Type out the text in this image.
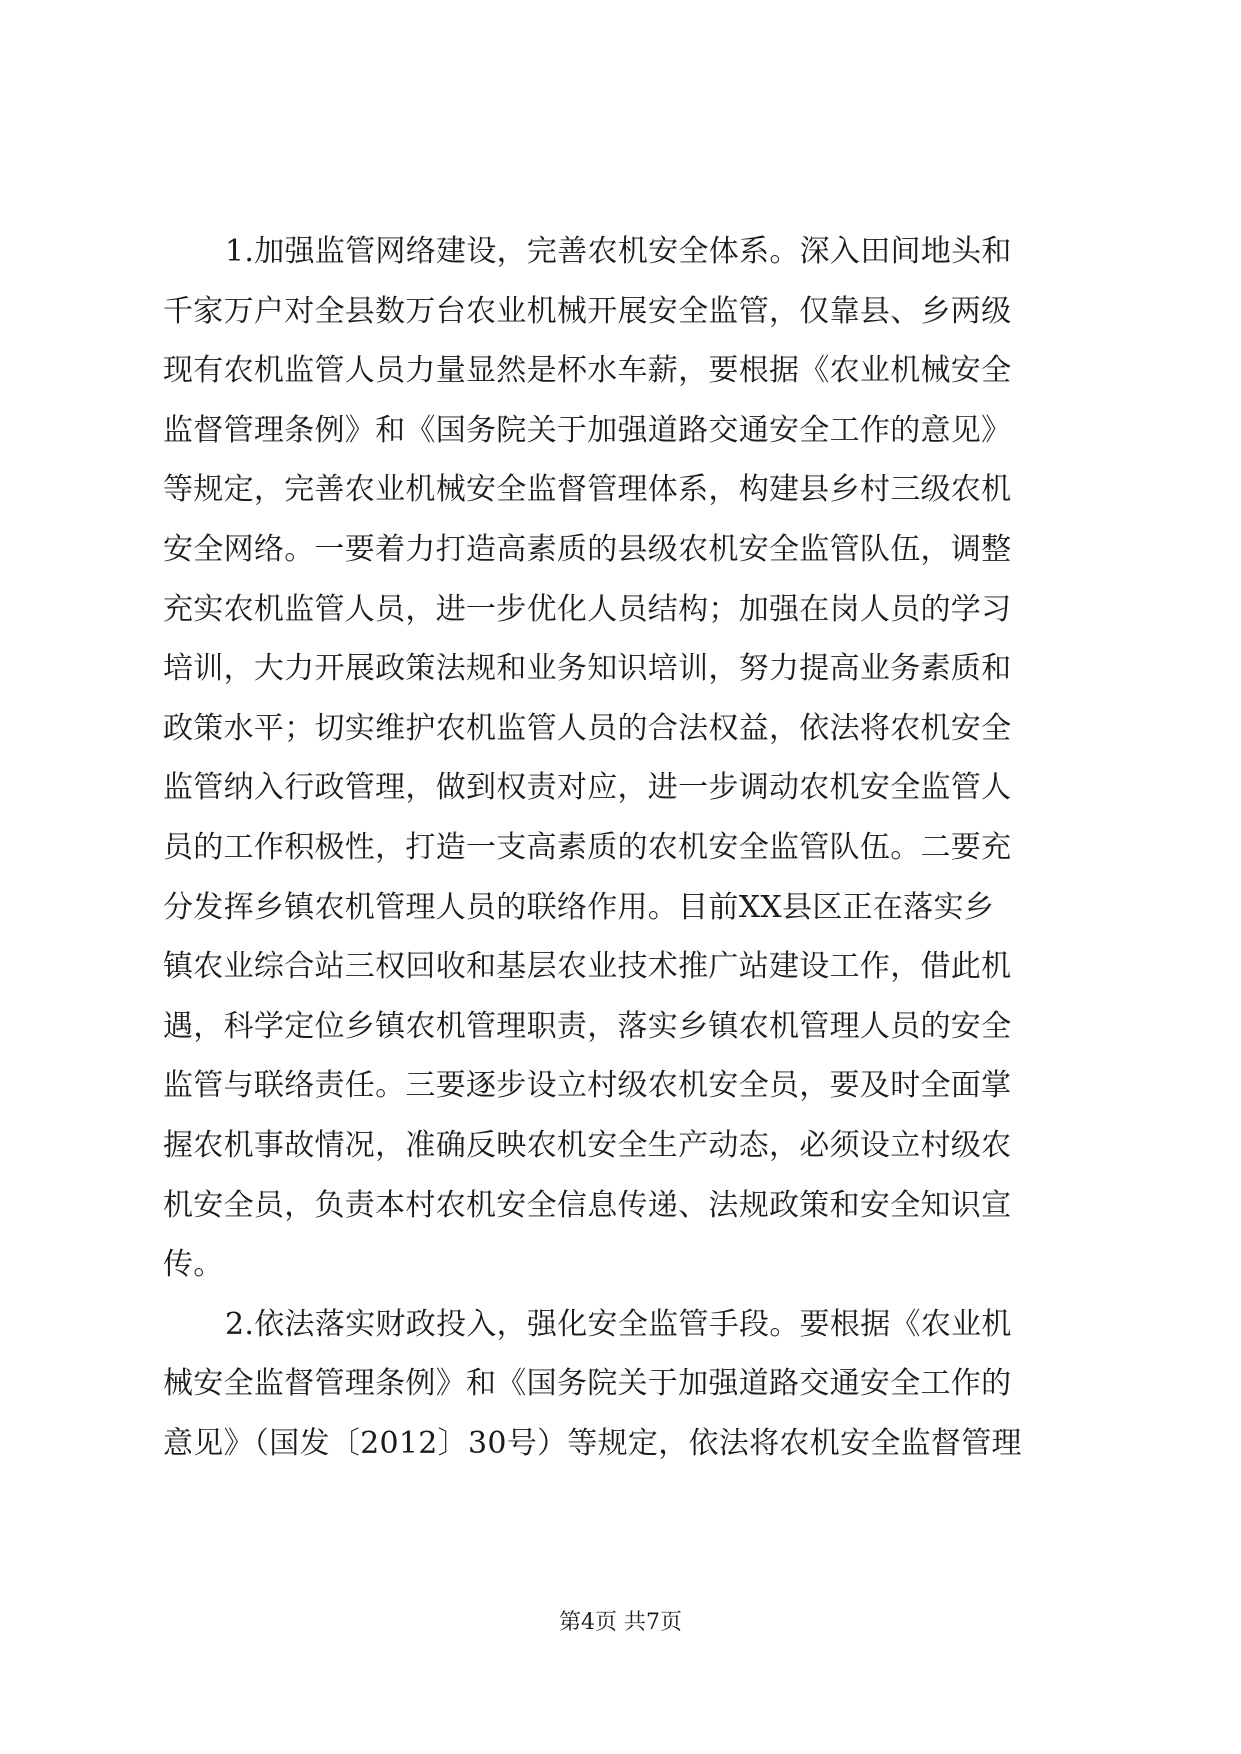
1.加强监管网络建设，完善农机安全体系。深入田间地头和
千家万户对全县数万台农业机械开展安全监管，仅靠县、乡两级
现有农机监管人员力量显然是杯水车薪，要根据《农业机械安全
监督管理条例》和《国务院关于加强道路交通安全工作的意见》
等规定，完善农业机械安全监督管理体系，构建县乡村三级农机
安全网络。一要着力打造高素质的县级农机安全监管队伍，调整
充实农机监管人员，进一步优化人员结构；加强在岗人员的学习
培训，大力开展政策法规和业务知识培训，努力提高业务素质和
政策水平；切实维护农机监管人员的合法权益，依法将农机安全
监管纳入行政管理，做到权责对应，进一步调动农机安全监管人
员的工作积极性，打造一支高素质的农机安全监管队伍。二要充
分发挥乡镇农机管理人员的联络作用。目前XX县区正在落实乡
镇农业综合站三权回收和基层农业技术推广站建设工作，借此机
遇，科学定位乡镇农机管理职责，落实乡镇农机管理人员的安全
监管与联络责任。三要逐步设立村级农机安全员，要及时全面掌
握农机事故情况，准确反映农机安全生产动态，必须设立村级农
机安全员，负责本村农机安全信息传递、法规政策和安全知识宣
传。
2.依法落实财政投入，强化安全监管手段。要根据《农业机
械安全监督管理条例》和《国务院关于加强道路交通安全工作的
意见》（国发〔2012〕30号）等规定，依法将农机安全监督管理
第4页 共7页
